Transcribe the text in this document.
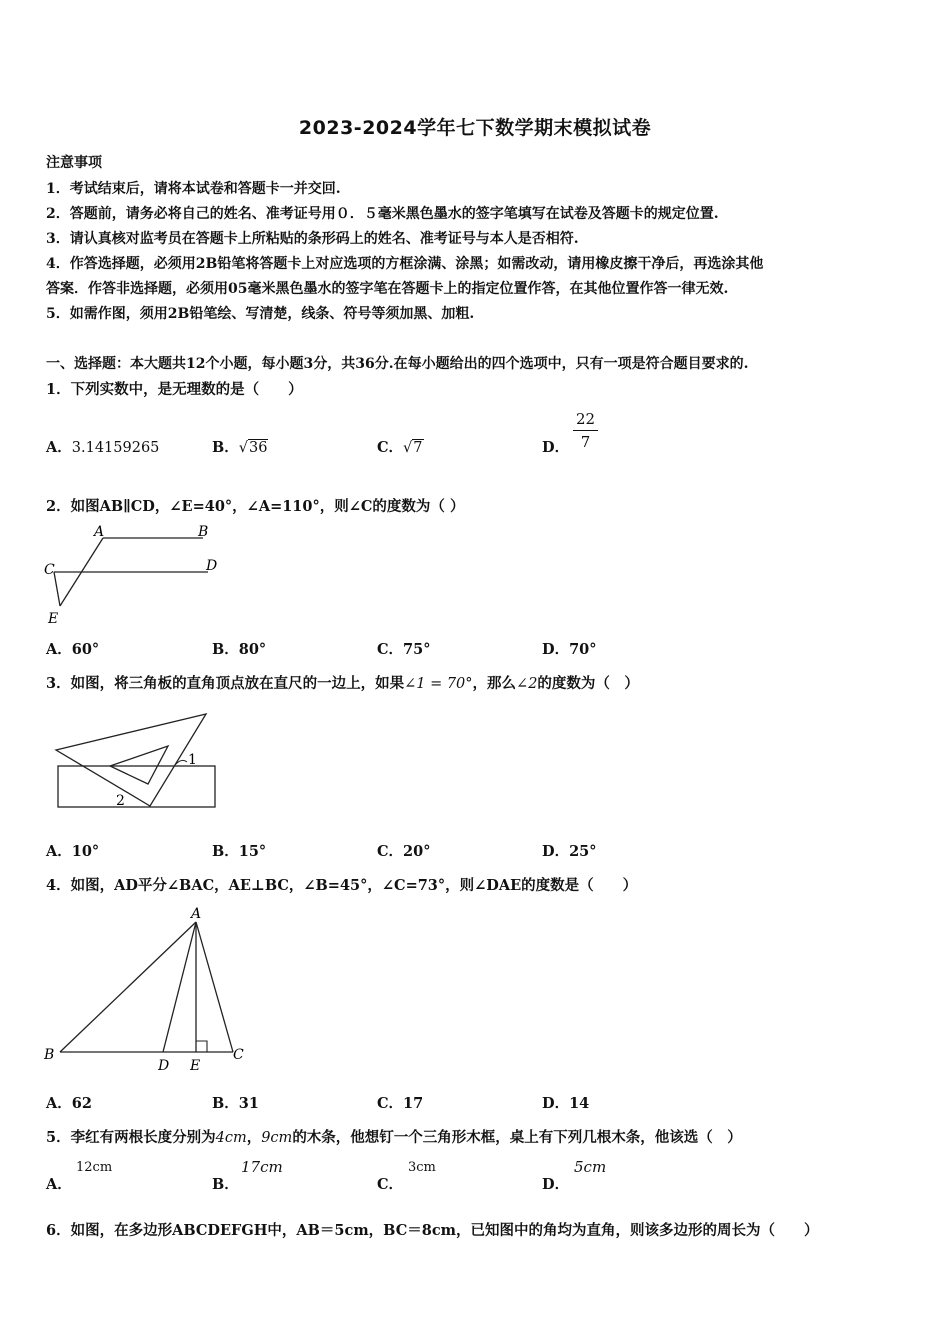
2023-2024学年七下数学期末模拟试卷
注意事项
1．考试结束后，请将本试卷和答题卡一并交回.
2．答题前，请务必将自己的姓名、准考证号用０．５毫米黑色墨水的签字笔填写在试卷及答题卡的规定位置.
3．请认真核对监考员在答题卡上所粘贴的条形码上的姓名、准考证号与本人是否相符.
4．作答选择题，必须用2B铅笔将答题卡上对应选项的方框涂满、涂黑；如需改动，请用橡皮擦干净后，再选涂其他
答案．作答非选择题，必须用05毫米黑色墨水的签字笔在答题卡上的指定位置作答，在其他位置作答一律无效.
5．如需作图，须用2B铅笔绘、写清楚，线条、符号等须加黑、加粗.
一、选择题：本大题共12个小题，每小题3分，共36分.在每小题给出的四个选项中，只有一项是符合题目要求的.
1．下列实数中，是无理数的是（　　）
A．3.14159265	B．√36	C．√7	D． $\frac{22}{7}$
2．如图AB∥CD，∠E=40°，∠A=110°，则∠C的度数为（ ）
A	B
C	D
E
A．60°	B．80°	C．75°	D．70°
3．如图，将三角板的直角顶点放在直尺的一边上，如果∠1 = 70°，那么∠2的度数为（　）
1
2
A．10°	B．15°	C．20°	D．25°
4．如图，AD平分∠BAC，AE⊥BC，∠B=45°，∠C=73°，则∠DAE的度数是（　　）
A
B	C
D E
A．62	B．31	C．17	D．14
5．李红有两根长度分别为4cm，9cm的木条，他想钉一个三角形木框，桌上有下列几根木条，他该选（　）
A．
12cm
B．
17cm
C．
3cm
D．
5cm
6．如图，在多边形ABCDEFGH中，AB＝5cm，BC＝8cm，已知图中的角均为直角，则该多边形的周长为（　　）
